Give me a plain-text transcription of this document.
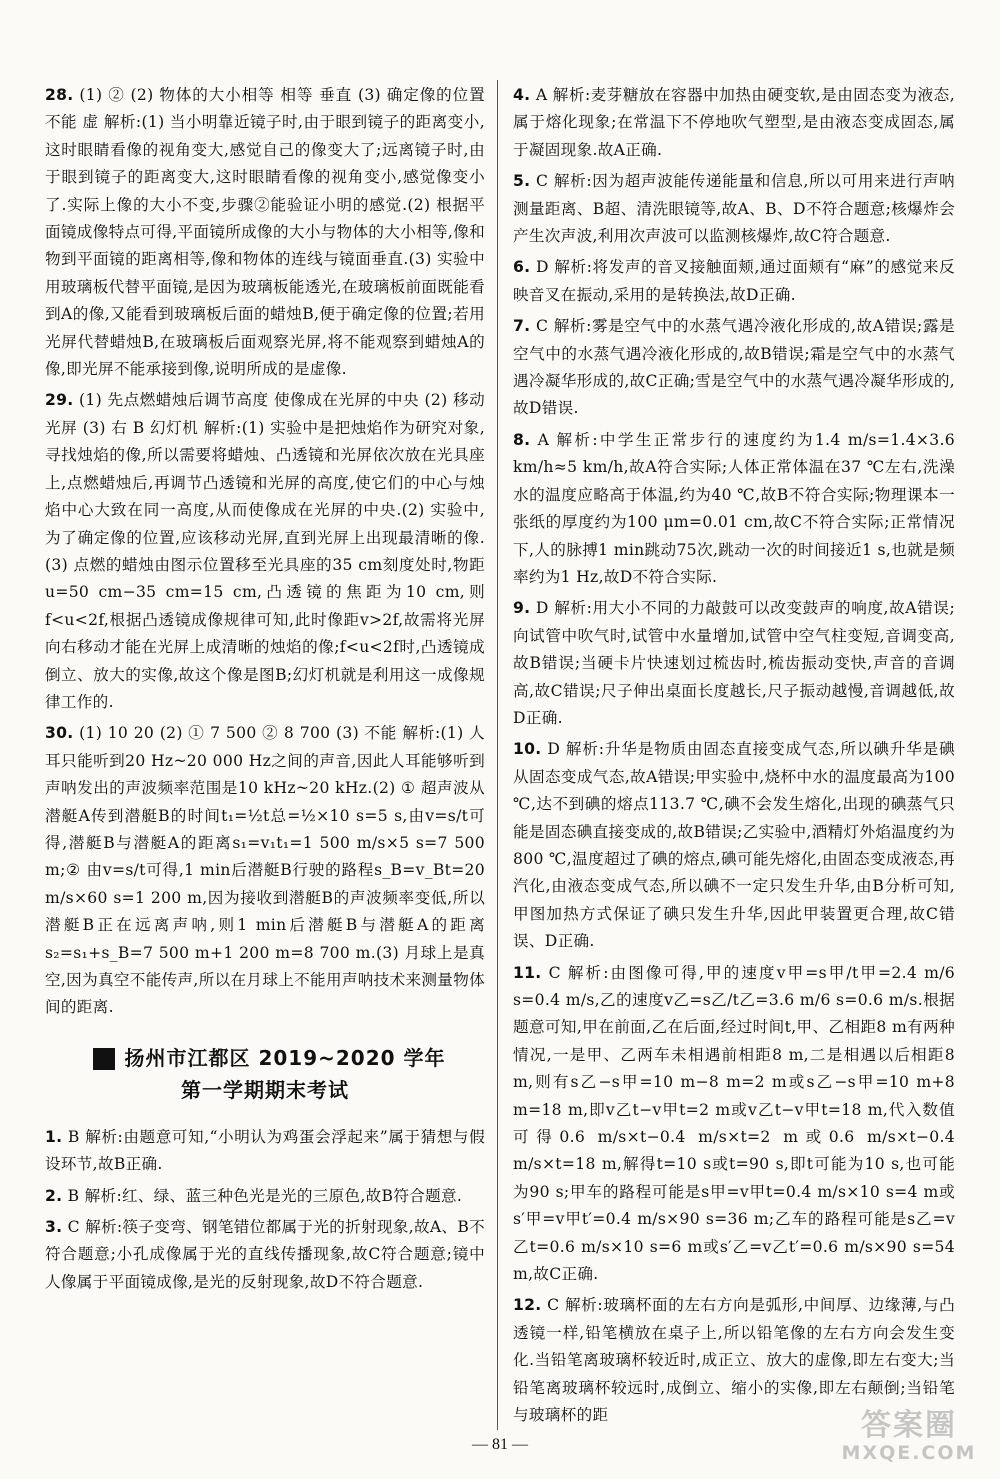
28. (1) ② (2) 物体的大小相等 相等 垂直 (3) 确定像的位置 不能 虚 解析:(1) 当小明靠近镜子时,由于眼到镜子的距离变小,这时眼睛看像的视角变大,感觉自己的像变大了;远离镜子时,由于眼到镜子的距离变大,这时眼睛看像的视角变小,感觉像变小了.实际上像的大小不变,步骤②能验证小明的感觉.(2) 根据平面镜成像特点可得,平面镜所成像的大小与物体的大小相等,像和物到平面镜的距离相等,像和物体的连线与镜面垂直.(3) 实验中用玻璃板代替平面镜,是因为玻璃板能透光,在玻璃板前面既能看到A的像,又能看到玻璃板后面的蜡烛B,便于确定像的位置;若用光屏代替蜡烛B,在玻璃板后面观察光屏,将不能观察到蜡烛A的像,即光屏不能承接到像,说明所成的是虚像.
29. (1) 先点燃蜡烛后调节高度 使像成在光屏的中央 (2) 移动光屏 (3) 右 B 幻灯机 解析:(1) 实验中是把烛焰作为研究对象,寻找烛焰的像,所以需要将蜡烛、凸透镜和光屏依次放在光具座上,点燃蜡烛后,再调节凸透镜和光屏的高度,使它们的中心与烛焰中心大致在同一高度,从而使像成在光屏的中央.(2) 实验中,为了确定像的位置,应该移动光屏,直到光屏上出现最清晰的像.(3) 点燃的蜡烛由图示位置移至光具座的35 cm刻度处时,物距u=50 cm−35 cm=15 cm,凸透镜的焦距为10 cm,则f<u<2f,根据凸透镜成像规律可知,此时像距v>2f,故需将光屏向右移动才能在光屏上成清晰的烛焰的像;f<u<2f时,凸透镜成倒立、放大的实像,故这个像是图B;幻灯机就是利用这一成像规律工作的.
30. (1) 10 20 (2) ① 7 500 ② 8 700 (3) 不能 解析:(1) 人耳只能听到20 Hz~20 000 Hz之间的声音,因此人耳能够听到声呐发出的声波频率范围是10 kHz~20 kHz.(2) ① 超声波从潜艇A传到潜艇B的时间t₁=½t总=½×10 s=5 s,由v=s/t可得,潜艇B与潜艇A的距离s₁=v₁t₁=1 500 m/s×5 s=7 500 m;② 由v=s/t可得,1 min后潜艇B行驶的路程s_B=v_Bt=20 m/s×60 s=1 200 m,因为接收到潜艇B的声波频率变低,所以潜艇B正在远离声呐,则1 min后潜艇B与潜艇A的距离s₂=s₁+s_B=7 500 m+1 200 m=8 700 m.(3) 月球上是真空,因为真空不能传声,所以在月球上不能用声呐技术来测量物体间的距离.
扬州市江都区 2019~2020 学年
第一学期期末考试
1. B 解析:由题意可知,“小明认为鸡蛋会浮起来”属于猜想与假设环节,故B正确.
2. B 解析:红、绿、蓝三种色光是光的三原色,故B符合题意.
3. C 解析:筷子变弯、钢笔错位都属于光的折射现象,故A、B不符合题意;小孔成像属于光的直线传播现象,故C符合题意;镜中人像属于平面镜成像,是光的反射现象,故D不符合题意.
4. A 解析:麦芽糖放在容器中加热由硬变软,是由固态变为液态,属于熔化现象;在常温下不停地吹气塑型,是由液态变成固态,属于凝固现象.故A正确.
5. C 解析:因为超声波能传递能量和信息,所以可用来进行声呐测量距离、B超、清洗眼镜等,故A、B、D不符合题意;核爆炸会产生次声波,利用次声波可以监测核爆炸,故C符合题意.
6. D 解析:将发声的音叉接触面颊,通过面颊有“麻”的感觉来反映音叉在振动,采用的是转换法,故D正确.
7. C 解析:雾是空气中的水蒸气遇冷液化形成的,故A错误;露是空气中的水蒸气遇冷液化形成的,故B错误;霜是空气中的水蒸气遇冷凝华形成的,故C正确;雪是空气中的水蒸气遇冷凝华形成的,故D错误.
8. A 解析:中学生正常步行的速度约为1.4 m/s=1.4×3.6 km/h≈5 km/h,故A符合实际;人体正常体温在37 ℃左右,洗澡水的温度应略高于体温,约为40 ℃,故B不符合实际;物理课本一张纸的厚度约为100 μm=0.01 cm,故C不符合实际;正常情况下,人的脉搏1 min跳动75次,跳动一次的时间接近1 s,也就是频率约为1 Hz,故D不符合实际.
9. D 解析:用大小不同的力敲鼓可以改变鼓声的响度,故A错误;向试管中吹气时,试管中水量增加,试管中空气柱变短,音调变高,故B错误;当硬卡片快速划过梳齿时,梳齿振动变快,声音的音调高,故C错误;尺子伸出桌面长度越长,尺子振动越慢,音调越低,故D正确.
10. D 解析:升华是物质由固态直接变成气态,所以碘升华是碘从固态变成气态,故A错误;甲实验中,烧杯中水的温度最高为100 ℃,达不到碘的熔点113.7 ℃,碘不会发生熔化,出现的碘蒸气只能是固态碘直接变成的,故B错误;乙实验中,酒精灯外焰温度约为800 ℃,温度超过了碘的熔点,碘可能先熔化,由固态变成液态,再汽化,由液态变成气态,所以碘不一定只发生升华,由B分析可知,甲图加热方式保证了碘只发生升华,因此甲装置更合理,故C错误、D正确.
11. C 解析:由图像可得,甲的速度v甲=s甲/t甲=2.4 m/6 s=0.4 m/s,乙的速度v乙=s乙/t乙=3.6 m/6 s=0.6 m/s.根据题意可知,甲在前面,乙在后面,经过时间t,甲、乙相距8 m有两种情况,一是甲、乙两车未相遇前相距8 m,二是相遇以后相距8 m,则有s乙−s甲=10 m−8 m=2 m或s乙−s甲=10 m+8 m=18 m,即v乙t−v甲t=2 m或v乙t−v甲t=18 m,代入数值可得0.6 m/s×t−0.4 m/s×t=2 m或0.6 m/s×t−0.4 m/s×t=18 m,解得t=10 s或t=90 s,即t可能为10 s,也可能为90 s;甲车的路程可能是s甲=v甲t=0.4 m/s×10 s=4 m或s′甲=v甲t′=0.4 m/s×90 s=36 m;乙车的路程可能是s乙=v乙t=0.6 m/s×10 s=6 m或s′乙=v乙t′=0.6 m/s×90 s=54 m,故C正确.
12. C 解析:玻璃杯面的左右方向是弧形,中间厚、边缘薄,与凸透镜一样,铅笔横放在桌子上,所以铅笔像的左右方向会发生变化.当铅笔离玻璃杯较近时,成正立、放大的虚像,即左右变大;当铅笔离玻璃杯较远时,成倒立、缩小的实像,即左右颠倒;当铅笔与玻璃杯的距
— 81 —
答案圈
MXQE.COM
